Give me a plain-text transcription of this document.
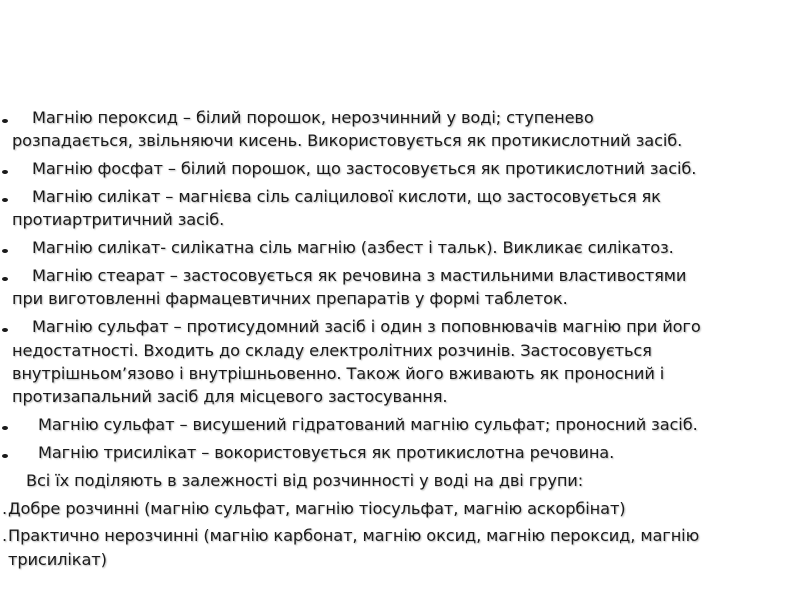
Магнію пероксид – білий порошок, нерозчинний у воді; ступенево
розпадається, звільняючи кисень. Використовується як протикислотний засіб.
Магнію фосфат – білий порошок, що застосовується як протикислотний засіб.
Магнію силікат – магнієва сіль саліцилової кислоти, що застосовується як
протиартритичний засіб.
Магнію силікат- силікатна сіль магнію (азбест і тальк). Викликає силікатоз.
Магнію стеарат – застосовується як речовина з мастильними властивостями
при виготовленні фармацевтичних препаратів у формі таблеток.
Магнію сульфат – протисудомний засіб і один з поповнювачів магнію при його
недостатності. Входить до складу електролітних розчинів. Застосовується
внутрішньом’язово і внутрішньовенно. Також його вживають як проносний і
протизапальний засіб для місцевого застосування.
Магнію сульфат – висушений гідратований магнію сульфат; проносний засіб.
Магнію трисилікат – вокористовується як протикислотна речовина.
Всі їх поділяють в залежності від розчинності у воді на дві групи:
. Добре розчинні (магнію сульфат, магнію тіосульфат, магнію аскорбінат)
. Практично нерозчинні (магнію карбонат, магнію оксид, магнію пероксид, магнію
трисилікат)
